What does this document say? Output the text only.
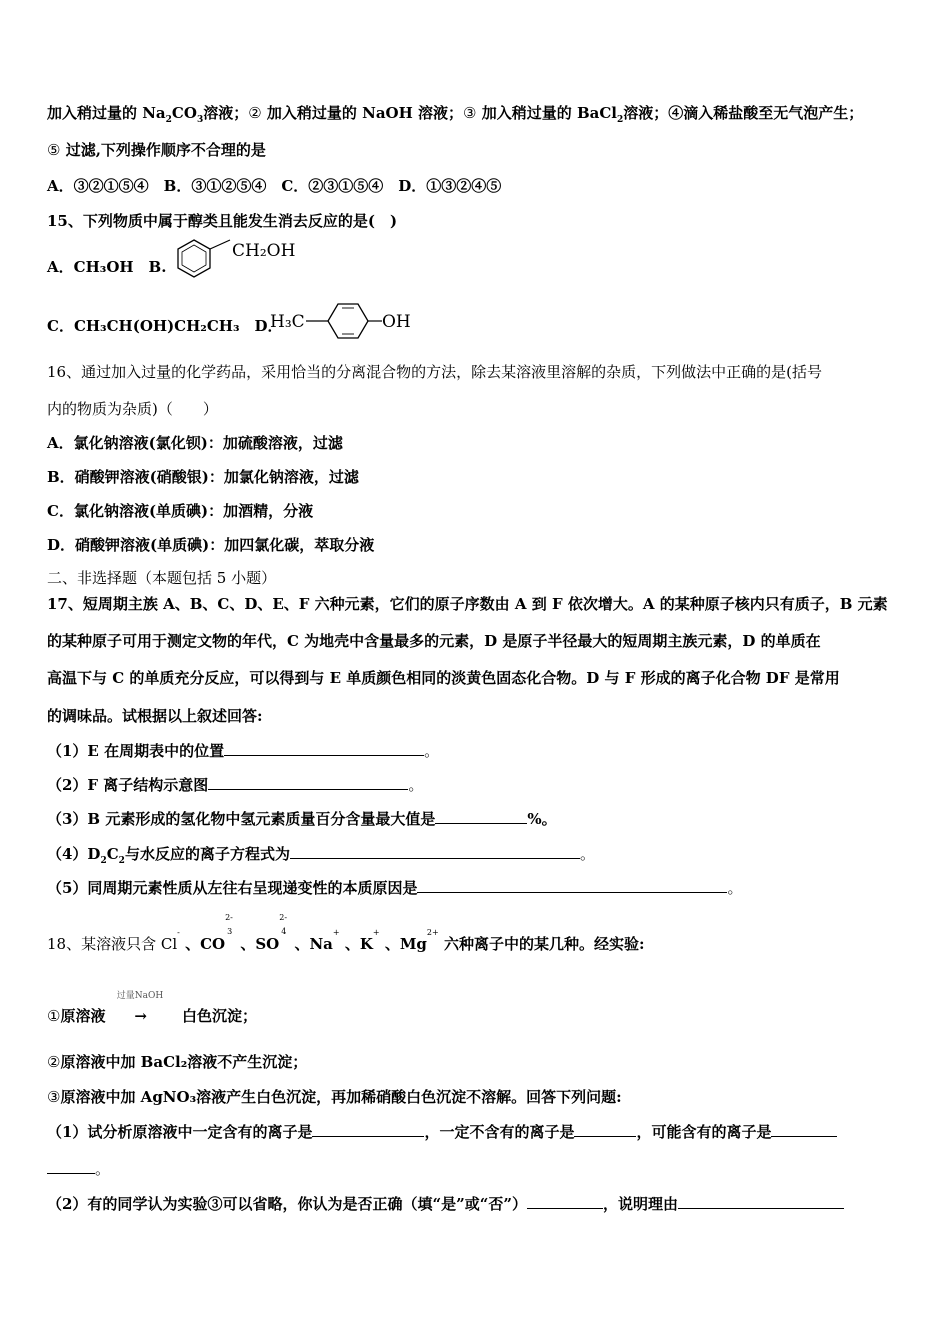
加入稍过量的 $Na_2CO_3$溶液；② 加入稍过量的 NaOH 溶液；③ 加入稍过量的 BaCl$_2$溶液；④滴入稀盐酸至无气泡产生；
⑤ 过滤,下列操作顺序不合理的是
A．③②①⑤④　B．③①②⑤④　C．②③①⑤④　D．①③②④⑤
15、下列物质中属于醇类且能发生消去反应的是(　)
A．CH₃OH　B.
CH₂OH
C．CH₃CH(OH)CH₂CH₃　D．
H₃C	OH
16、通过加入过量的化学药品，采用恰当的分离混合物的方法，除去某溶液里溶解的杂质，下列做法中正确的是(括号
内的物质为杂质)（　　）
A．氯化钠溶液(氯化钡)：加硫酸溶液，过滤
B．硝酸钾溶液(硝酸银)：加氯化钠溶液，过滤
C．氯化钠溶液(单质碘)：加酒精，分液
D．硝酸钾溶液(单质碘)：加四氯化碳，萃取分液
二、非选择题（本题包括 5 小题）
17、短周期主族 A、B、C、D、E、F 六种元素，它们的原子序数由 A 到 F 依次增大。A 的某种原子核内只有质子，B 元素
的某种原子可用于测定文物的年代，C 为地壳中含量最多的元素，D 是原子半径最大的短周期主族元素，D 的单质在
高温下与 C 的单质充分反应，可以得到与 E 单质颜色相同的淡黄色固态化合物。D 与 F 形成的离子化合物 DF 是常用
的调味品。试根据以上叙述回答:
（1）E 在周期表中的位置	。
（2）F 离子结构示意图	。
（3）B 元素形成的氢化物中氢元素质量百分含量最大值是	%。
$(4)D_2C_2$与水反应的离子方程式为	。
（5）同周期元素性质从左往右呈现递变性的本质原因是	。
18、某溶液只含 Cl- 、CO
2-
3
、SO
2-
4
、Na+ 、K+ 、$Mg^{2+}$ 六种离子中的某几种。经实验:
①原溶液
过量NaOH
→ 白色沉淀；
②原溶液中加 BaCl₂溶液不产生沉淀；
③原溶液中加 AgNO₃溶液产生白色沉淀，再加稀硝酸白色沉淀不溶解。回答下列问题:
（1）试分析原溶液中一定含有的离子是	，一定不含有的离子是	，可能含有的离子是
。
（2）有的同学认为实验③可以省略，你认为是否正确（填“是”或“否”）	，说明理由
